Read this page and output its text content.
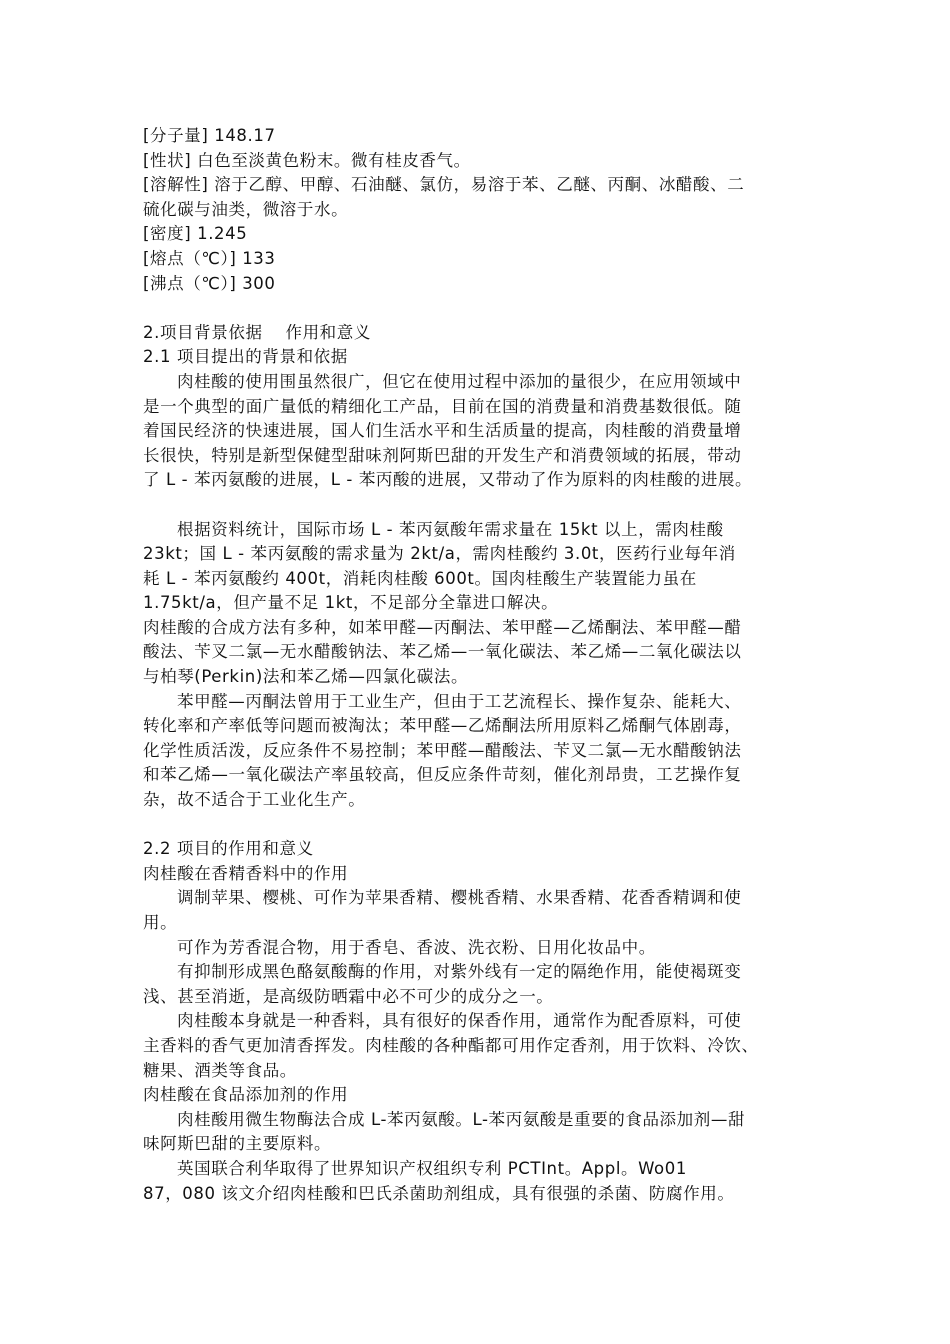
[分子量] 148.17
[性状] 白色至淡黄色粉末。微有桂皮香气。
[溶解性] 溶于乙醇、甲醇、石油醚、氯仿，易溶于苯、乙醚、丙酮、冰醋酸、二
硫化碳与油类，微溶于水。
[密度] 1.245
[熔点（℃）] 133
[沸点（℃）] 300
2.项目背景依据　 作用和意义
2.1 项目提出的背景和依据
肉桂酸的使用围虽然很广，但它在使用过程中添加的量很少，在应用领域中
是一个典型的面广量低的精细化工产品，目前在国的消费量和消费基数很低。随
着国民经济的快速进展，国人们生活水平和生活质量的提高，肉桂酸的消费量增
长很快，特别是新型保健型甜味剂阿斯巴甜的开发生产和消费领域的拓展，带动
了 L - 苯丙氨酸的进展，L - 苯丙酸的进展，又带动了作为原料的肉桂酸的进展。
根据资料统计，国际市场 L - 苯丙氨酸年需求量在 15kt 以上，需肉桂酸
23kt；国 L - 苯丙氨酸的需求量为 2kt/a，需肉桂酸约 3.0t，医药行业每年消
耗 L - 苯丙氨酸约 400t，消耗肉桂酸 600t。国肉桂酸生产装置能力虽在
1.75kt/a，但产量不足 1kt，不足部分全靠进口解决。
肉桂酸的合成方法有多种，如苯甲醛—丙酮法、苯甲醛—乙烯酮法、苯甲醛—醋
酸法、苄叉二氯—无水醋酸钠法、苯乙烯—一氧化碳法、苯乙烯—二氧化碳法以
与柏琴(Perkin)法和苯乙烯—四氯化碳法。
苯甲醛—丙酮法曾用于工业生产，但由于工艺流程长、操作复杂、能耗大、
转化率和产率低等问题而被淘汰；苯甲醛—乙烯酮法所用原料乙烯酮气体剧毒，
化学性质活泼，反应条件不易控制；苯甲醛—醋酸法、苄叉二氯—无水醋酸钠法
和苯乙烯—一氧化碳法产率虽较高，但反应条件苛刻，催化剂昂贵，工艺操作复
杂，故不适合于工业化生产。
2.2 项目的作用和意义
肉桂酸在香精香料中的作用
调制苹果、樱桃、可作为苹果香精、樱桃香精、水果香精、花香香精调和使
用。
可作为芳香混合物，用于香皂、香波、洗衣粉、日用化妆品中。
有抑制形成黑色酪氨酸酶的作用，对紫外线有一定的隔绝作用，能使褐斑变
浅、甚至消逝，是高级防晒霜中必不可少的成分之一。
肉桂酸本身就是一种香料，具有很好的保香作用，通常作为配香原料，可使
主香料的香气更加清香挥发。肉桂酸的各种酯都可用作定香剂，用于饮料、冷饮、
糖果、酒类等食品。
肉桂酸在食品添加剂的作用
肉桂酸用微生物酶法合成 L-苯丙氨酸。L-苯丙氨酸是重要的食品添加剂—甜
味阿斯巴甜的主要原料。
英国联合利华取得了世界知识产权组织专利 PCTInt。Appl。Wo01
87，080 该文介绍肉桂酸和巴氏杀菌助剂组成，具有很强的杀菌、防腐作用。
